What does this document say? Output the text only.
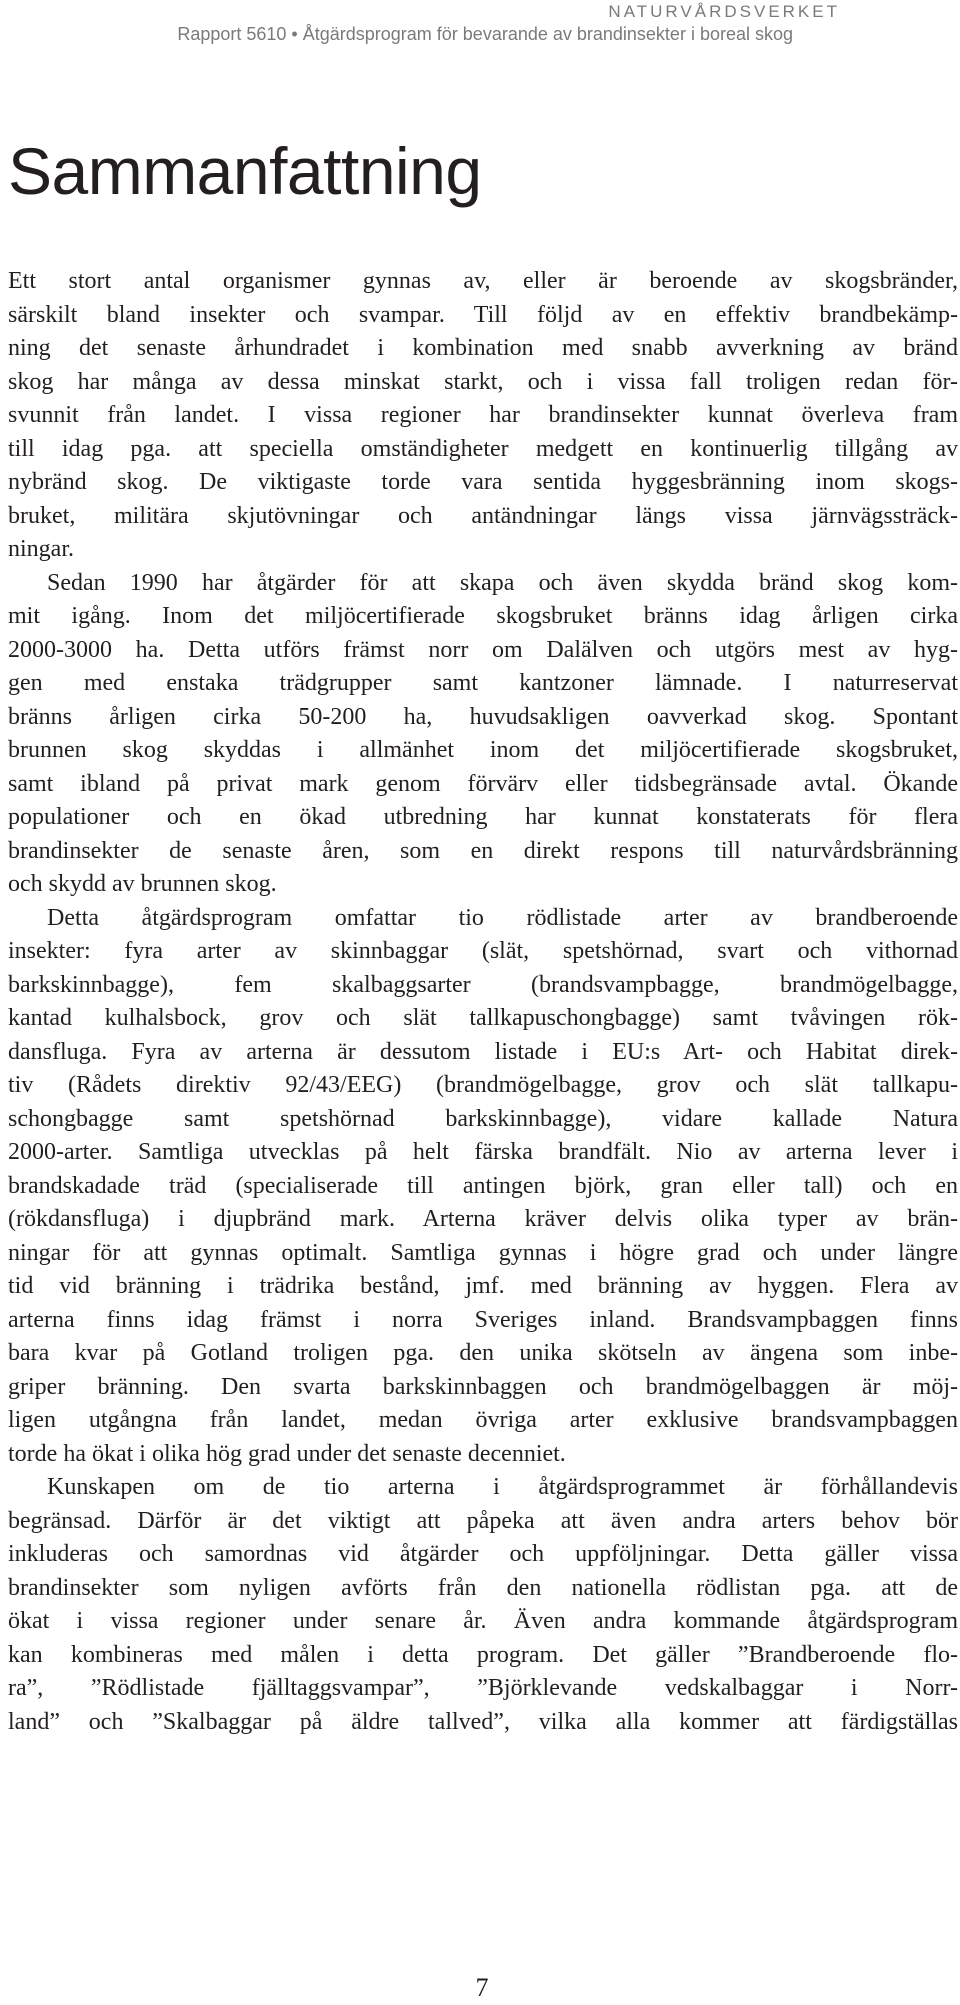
NATURVÅRDSVERKET
Rapport 5610 • Åtgärdsprogram för bevarande av brandinsekter i boreal skog
Sammanfattning

Ett stort antal organismer gynnas av, eller är beroende av skogsbränder,

särskilt bland insekter och svampar. Till följd av en effektiv brandbekämp-

ning det senaste århundradet i kombination med snabb avverkning av bränd

skog har många av dessa minskat starkt, och i vissa fall troligen redan för-

svunnit från landet. I vissa regioner har brandinsekter kunnat överleva fram

till idag pga. att speciella omständigheter medgett en kontinuerlig tillgång av

nybränd skog. De viktigaste torde vara sentida hyggesbränning inom skogs-

bruket, militära skjutövningar och antändningar längs vissa järnvägssträck-

ningar.

Sedan 1990 har åtgärder för att skapa och även skydda bränd skog kom-

mit igång. Inom det miljöcertifierade skogsbruket bränns idag årligen cirka

2000-3000 ha. Detta utförs främst norr om Dalälven och utgörs mest av hyg-

gen med enstaka trädgrupper samt kantzoner lämnade. I naturreservat

bränns årligen cirka 50-200 ha, huvudsakligen oavverkad skog. Spontant

brunnen skog skyddas i allmänhet inom det miljöcertifierade skogsbruket,

samt ibland på privat mark genom förvärv eller tidsbegränsade avtal. Ökande

populationer och en ökad utbredning har kunnat konstaterats för flera

brandinsekter de senaste åren, som en direkt respons till naturvårdsbränning

och skydd av brunnen skog.

Detta åtgärdsprogram omfattar tio rödlistade arter av brandberoende

insekter: fyra arter av skinnbaggar (slät, spetshörnad, svart och vithornad

barkskinnbagge), fem skalbaggsarter (brandsvampbagge, brandmögelbagge,

kantad kulhalsbock, grov och slät tallkapuschongbagge) samt tvåvingen rök-

dansfluga. Fyra av arterna är dessutom listade i EU:s Art- och Habitat direk-

tiv (Rådets direktiv 92/43/EEG) (brandmögelbagge, grov och slät tallkapu-

schongbagge samt spetshörnad barkskinnbagge), vidare kallade Natura

2000-arter. Samtliga utvecklas på helt färska brandfält. Nio av arterna lever i

brandskadade träd (specialiserade till antingen björk, gran eller tall) och en

(rökdansfluga) i djupbränd mark. Arterna kräver delvis olika typer av brän-

ningar för att gynnas optimalt. Samtliga gynnas i högre grad och under längre

tid vid bränning i trädrika bestånd, jmf. med bränning av hyggen. Flera av

arterna finns idag främst i norra Sveriges inland. Brandsvampbaggen finns

bara kvar på Gotland troligen pga. den unika skötseln av ängena som inbe-

griper bränning. Den svarta barkskinnbaggen och brandmögelbaggen är möj-

ligen utgångna från landet, medan övriga arter exklusive brandsvampbaggen

torde ha ökat i olika hög grad under det senaste decenniet.

Kunskapen om de tio arterna i åtgärdsprogrammet är förhållandevis

begränsad. Därför är det viktigt att påpeka att även andra arters behov bör

inkluderas och samordnas vid åtgärder och uppföljningar. Detta gäller vissa

brandinsekter som nyligen avförts från den nationella rödlistan pga. att de

ökat i vissa regioner under senare år. Även andra kommande åtgärdsprogram

kan kombineras med målen i detta program. Det gäller ”Brandberoende flo-

ra”, ”Rödlistade fjälltaggsvampar”, ”Björklevande vedskalbaggar i Norr-

land” och ”Skalbaggar på äldre tallved”, vilka alla kommer att färdigställas

7
